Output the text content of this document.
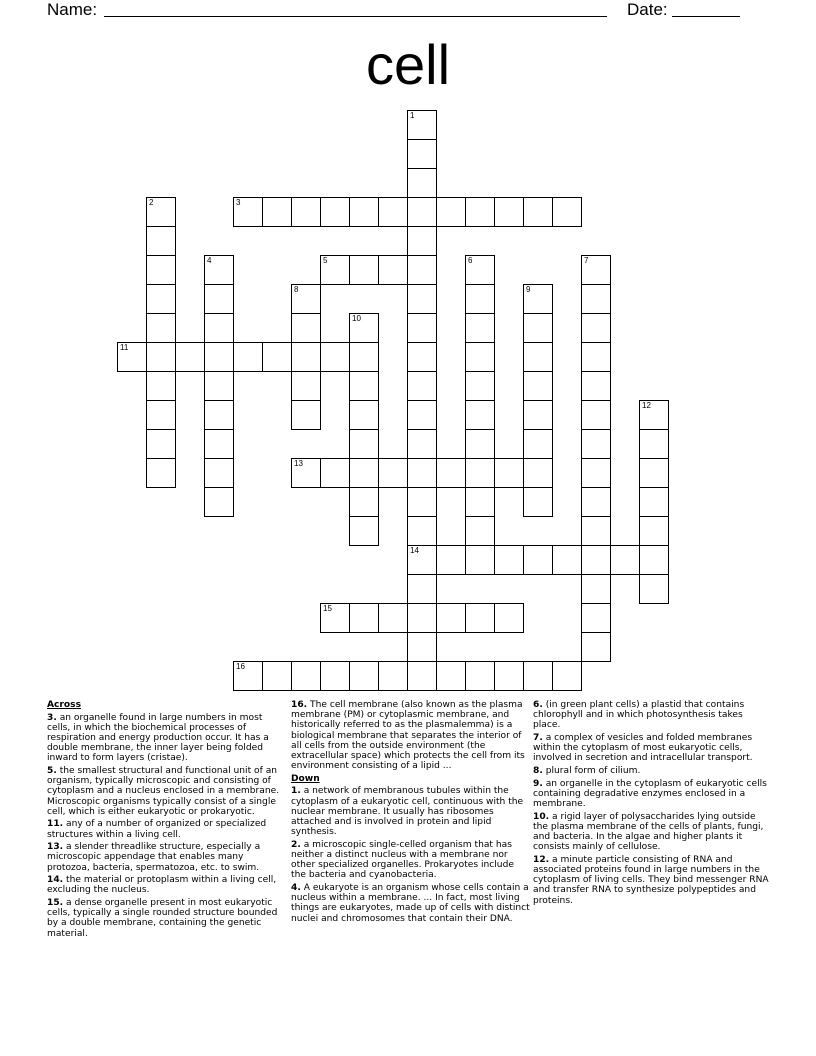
Name:	Date:
cell
1
14
2	3
4	5	6	7
8	9
10
11
12
13
15
16

Across

3. an organelle found in large numbers in most cells, in which the biochemical processes of respiration and energy production occur. It has a double membrane, the inner layer being folded inward to form layers (cristae).

5. the smallest structural and functional unit of an organism, typically microscopic and consisting of cytoplasm and a nucleus enclosed in a membrane. Microscopic organisms typically consist of a single cell, which is either eukaryotic or prokaryotic.

11. any of a number of organized or specialized structures within a living cell.

13. a slender threadlike structure, especially a microscopic appendage that enables many protozoa, bacteria, spermatozoa, etc. to swim.

14. the material or protoplasm within a living cell, excluding the nucleus.

15. a dense organelle present in most eukaryotic cells, typically a single rounded structure bounded by a double membrane, containing the genetic material.

16. The cell membrane (also known as the plasma membrane (PM) or cytoplasmic membrane, and historically referred to as the plasmalemma) is a biological membrane that separates the interior of all cells from the outside environment (the extracellular space) which protects the cell from its environment consisting of a lipid ...

Down

1. a network of membranous tubules within the cytoplasm of a eukaryotic cell, continuous with the nuclear membrane. It usually has ribosomes attached and is involved in protein and lipid synthesis.

2. a microscopic single-celled organism that has neither a distinct nucleus with a membrane nor other specialized organelles. Prokaryotes include the bacteria and cyanobacteria.

4. A eukaryote is an organism whose cells contain a nucleus within a membrane. ... In fact, most living things are eukaryotes, made up of cells with distinct nuclei and chromosomes that contain their DNA.

6. (in green plant cells) a plastid that contains chlorophyll and in which photosynthesis takes place.

7. a complex of vesicles and folded membranes within the cytoplasm of most eukaryotic cells, involved in secretion and intracellular transport.

8. plural form of cilium.

9. an organelle in the cytoplasm of eukaryotic cells containing degradative enzymes enclosed in a membrane.

10. a rigid layer of polysaccharides lying outside the plasma membrane of the cells of plants, fungi, and bacteria. In the algae and higher plants it consists mainly of cellulose.

12. a minute particle consisting of RNA and associated proteins found in large numbers in the cytoplasm of living cells. They bind messenger RNA and transfer RNA to synthesize polypeptides and proteins.
